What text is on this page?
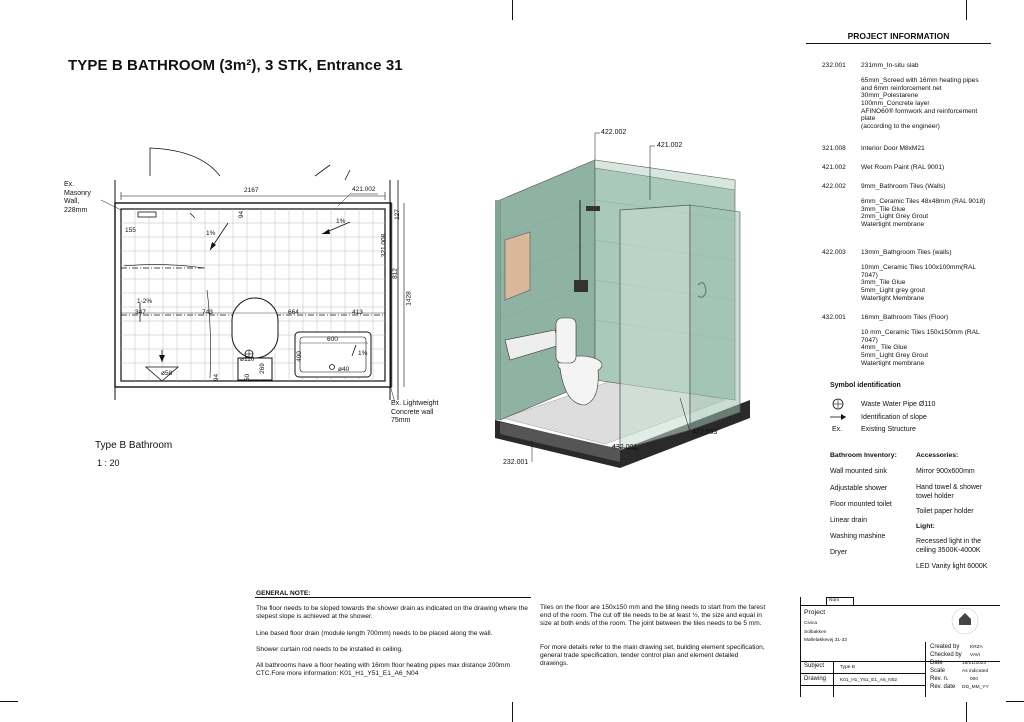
TYPE B BATHROOM (3m²), 3 STK, Entrance 31
Ex.
Masonry
Wall,
228mm
Ex. Lightweight
Concrete wall
75mm
2167	421.002
94	127
155	1%
1%
321.008
812
1428
1-2%
347	743	664	413
600
1%
ø110	400
ø40
ø58
94	50
269
Type B Bathroom
1 : 20
422.002
421.002
422.003
432.001
232.001
PROJECT INFORMATION
232.001 231mm_In-situ slab

65mm_Screed with 16mm heating pipes and 6mm reinforcement net
30mm_Polestarene
100mm_Concrete layer
AFINO60® formwork and reinforcement plate
(according to the engineer)
321.008 Interior Door M8xM21
421.002 Wet Room Paint (RAL 9001)
422.002 9mm_Bathroom Tiles (Walls)

6mm_Ceramic Tiles 48x48mm (RAL 9018)
3mm_Tile Glue
2mm_Light Grey Grout
Watertight membrane
422.003 13mm_Bathgroom Tiles (walls)

10mm_Ceramic Tiles 100x100mm(RAL 7047)
3mm_Tile Glue
5mm_Light grey grout
Watertight Membrane
432.001 16mm_Bathroom Tiles (Floor)

10 mm_Ceramic Tiles 150x150mm (RAL 7047)
4mm_ Tile Glue
5mm_Light Grey Grout
Watertight membrane
Symbol identification
Waste Water Pipe Ø110
Identification of slope
Ex.	Existing Structure
Bathroom Inventory:
Wall mounted sink
Adjustable shower
Floor mounted toilet
Linear drain
Washing mashine
Dryer
Accessories:
Mirror 900x600mm
Hand towel & shower towel holder
Toilet paper holder
Light:
Recessed light in the ceiling 3500K-4000K
LED Vanity light 6000K
GENERAL NOTE:
The floor needs to be sloped towards the shower drain as indicated on the drawing where the stepest slope is achieved at the shower.
Line based floor drain (module length 700mm) needs to be placed along the wall.
Shower curtain rod needs to be installed in ceiling.
All bathrooms have a floor heating with 16mm floor heating pipes max distance 200mm CTC.Fore more information: K01_H1_Y51_E1_A6_N04
Tiles on the floor are 150x150 mm and the tiling needs to start from the farest end of the room. The cut off tile needs to be at least ½, the size and equal in size at both ends of the room. The joint between the tiles needs to be 5 mm.
For more details refer to the main drawing set, building element specification, general trade specification, tender control plan and element detailed drawings.
Nom
Project
Civica
Solbakken
Mølleløkkevej 31-33
Subject	Type B
Drawing	K01_H1_Y51_E1_A6_N02
Reno Group
Created by KRZA
Checked by VAVI
Date	18/01/2023
Scale	As indicated
Rev. n.	000
Rev. date DD_MM_YY
